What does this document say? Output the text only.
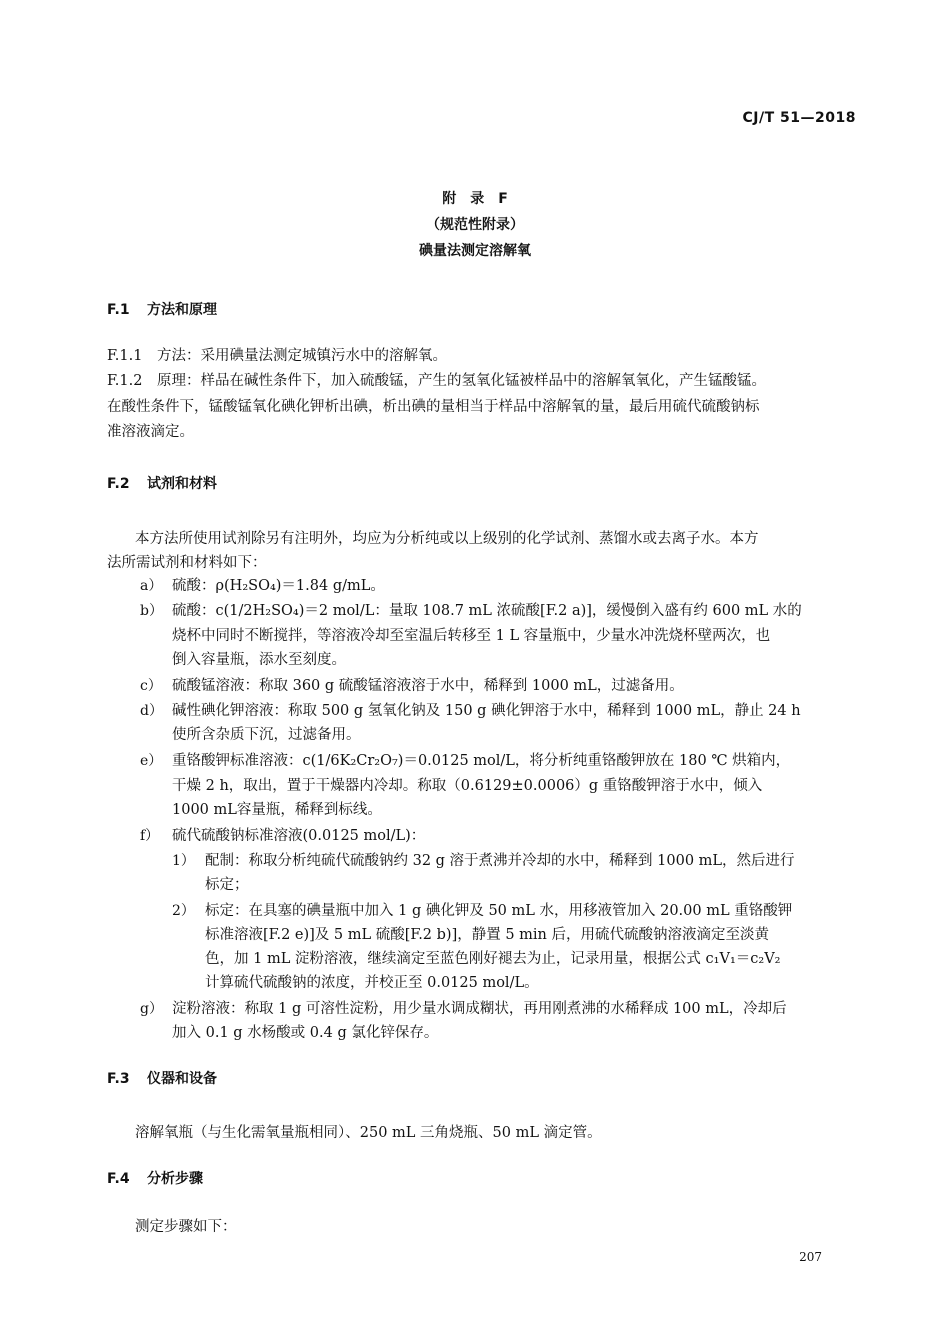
CJ/T 51—2018
附　录　F
（规范性附录）
碘量法测定溶解氧
F.1 方法和原理
F.1.1　方法：采用碘量法测定城镇污水中的溶解氧。
F.1.2　原理：样品在碱性条件下，加入硫酸锰，产生的氢氧化锰被样品中的溶解氧氧化，产生锰酸锰。
在酸性条件下，锰酸锰氧化碘化钾析出碘，析出碘的量相当于样品中溶解氧的量，最后用硫代硫酸钠标
准溶液滴定。
F.2 试剂和材料
本方法所使用试剂除另有注明外，均应为分析纯或以上级别的化学试剂、蒸馏水或去离子水。本方
法所需试剂和材料如下：
a） 硫酸：ρ(H₂SO₄)＝1.84 g/mL。
b） 硫酸：c(1/2H₂SO₄)＝2 mol/L：量取 108.7 mL 浓硫酸[F.2 a)]，缓慢倒入盛有约 600 mL 水的
烧杯中同时不断搅拌，等溶液冷却至室温后转移至 1 L 容量瓶中，少量水冲洗烧杯壁两次，也
倒入容量瓶，添水至刻度。
c） 硫酸锰溶液：称取 360 g 硫酸锰溶液溶于水中，稀释到 1000 mL，过滤备用。
d） 碱性碘化钾溶液：称取 500 g 氢氧化钠及 150 g 碘化钾溶于水中，稀释到 1000 mL，静止 24 h
使所含杂质下沉，过滤备用。
e） 重铬酸钾标准溶液：c(1/6K₂Cr₂O₇)＝0.0125 mol/L，将分析纯重铬酸钾放在 180 ℃ 烘箱内，
干燥 2 h，取出，置于干燥器内冷却。称取（0.6129±0.0006）g 重铬酸钾溶于水中，倾入
1000 mL容量瓶，稀释到标线。
f） 硫代硫酸钠标准溶液(0.0125 mol/L)：
1） 配制：称取分析纯硫代硫酸钠约 32 g 溶于煮沸并冷却的水中，稀释到 1000 mL，然后进行
标定；
2） 标定：在具塞的碘量瓶中加入 1 g 碘化钾及 50 mL 水，用移液管加入 20.00 mL 重铬酸钾
标准溶液[F.2 e)]及 5 mL 硫酸[F.2 b)]，静置 5 min 后，用硫代硫酸钠溶液滴定至淡黄
色，加 1 mL 淀粉溶液，继续滴定至蓝色刚好褪去为止，记录用量，根据公式 c₁V₁＝c₂V₂
计算硫代硫酸钠的浓度，并校正至 0.0125 mol/L。
g） 淀粉溶液：称取 1 g 可溶性淀粉，用少量水调成糊状，再用刚煮沸的水稀释成 100 mL，冷却后
加入 0.1 g 水杨酸或 0.4 g 氯化锌保存。
F.3 仪器和设备
溶解氧瓶（与生化需氧量瓶相同）、250 mL 三角烧瓶、50 mL 滴定管。
F.4 分析步骤
测定步骤如下：
207
